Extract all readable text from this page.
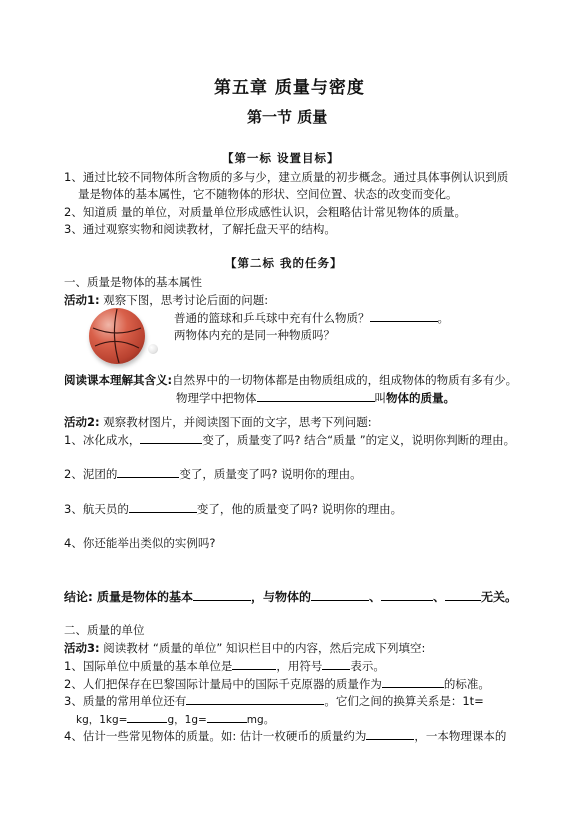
第五章 质量与密度
第一节 质量
【第一标 设置目标】
1、通过比较不同物体所含物质的多与少，建立质量的初步概念。通过具体事例认识到质
量是物体的基本属性，它不随物体的形状、空间位置、状态的改变而变化。
2、知道质 量的单位，对质量单位形成感性认识，会粗略估计常见物体的质量。
3、通过观察实物和阅读教材，了解托盘天平的结构。
【第二标 我的任务】
一、质量是物体的基本属性
活动1: 观察下图，思考讨论后面的问题:
普通的篮球和乒乓球中充有什么物质？	。
两物体内充的是同一种物质吗？
阅读课本理解其含义:自然界中的一切物体都是由物质组成的，组成物体的物质有多有少。
物理学中把物体	叫物体的质量。
活动2: 观察教材图片，并阅读图下面的文字，思考下列问题:
1、冰化成水，	变了，质量变了吗? 结合“质量 ”的定义，说明你判断的理由。
2、泥团的	变了，质量变了吗? 说明你的理由。
3、航天员的	变了，他的质量变了吗? 说明你的理由。
4、你还能举出类似的实例吗?
结论: 质量是物体的基本	，与物体的	、	、	无关。
二、质量的单位
活动3: 阅读教材 “质量的单位” 知识栏目中的内容，然后完成下列填空:
1、国际单位中质量的基本单位是	，用符号 表示。
2、人们把保存在巴黎国际计量局中的国际千克原器的质量作为	的标准。
3、质量的常用单位还有	。它们之间的换算关系是：1t=
kg，1kg=	g，1g=	mg。
4、估计一些常见物体的质量。如: 估计一枚硬币的质量约为	，一本物理课本的
